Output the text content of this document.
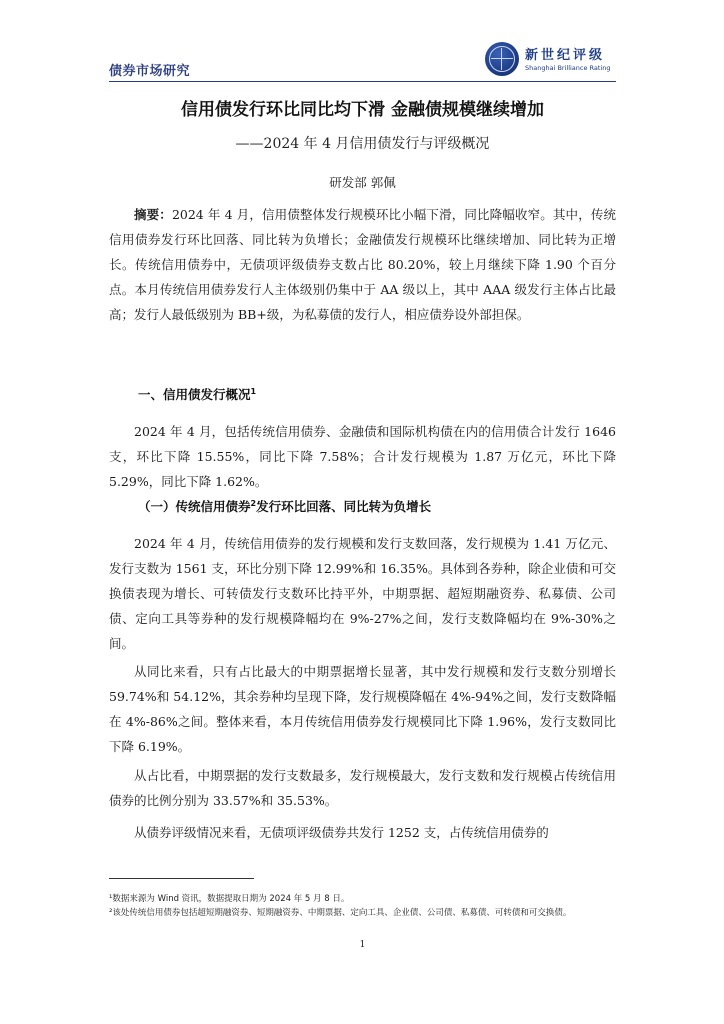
债券市场研究
新世纪评级
Shanghai Brilliance Rating
信用债发行环比同比均下滑 金融债规模继续增加
——2024 年 4 月信用债发行与评级概况
研发部 郭佩

摘要：2024 年 4 月，信用债整体发行规模环比小幅下滑，同比降幅收窄。其中，传统信用债券发行环比回落、同比转为负增长；金融债发行规模环比继续增加、同比转为正增长。传统信用债券中，无债项评级债券支数占比 80.20%，较上月继续下降 1.90 个百分点。本月传统信用债券发行人主体级别仍集中于 AA 级以上，其中 AAA 级发行主体占比最高；发行人最低级别为 BB+级，为私募债的发行人，相应债券设外部担保。

一、信用债发行概况$^1$

2024 年 4 月，包括传统信用债券、金融债和国际机构债在内的信用债合计发行 1646 支，环比下降 15.55%，同比下降 7.58%；合计发行规模为 1.87 万亿元，环比下降 5.29%，同比下降 1.62%。

（一）传统信用债券$^2$发行环比回落、同比转为负增长

2024 年 4 月，传统信用债券的发行规模和发行支数回落，发行规模为 1.41 万亿元、发行支数为 1561 支，环比分别下降 12.99%和 16.35%。具体到各券种，除企业债和可交换债表现为增长、可转债发行支数环比持平外，中期票据、超短期融资券、私募债、公司债、定向工具等券种的发行规模降幅均在 9%-27%之间，发行支数降幅均在 9%-30%之间。

从同比来看，只有占比最大的中期票据增长显著，其中发行规模和发行支数分别增长 59.74%和 54.12%，其余券种均呈现下降，发行规模降幅在 4%-94%之间，发行支数降幅在 4%-86%之间。整体来看，本月传统信用债券发行规模同比下降 1.96%，发行支数同比下降 6.19%。

从占比看，中期票据的发行支数最多，发行规模最大，发行支数和发行规模占传统信用债券的比例分别为 33.57%和 35.53%。

从债券评级情况来看，无债项评级债券共发行 1252 支，占传统信用债券的

¹数据来源为 Wind 资讯，数据提取日期为 2024 年 5 月 8 日。

²该处传统信用债券包括超短期融资券、短期融资券、中期票据、定向工具、企业债、公司债、私募债、可转债和可交换债。

1
